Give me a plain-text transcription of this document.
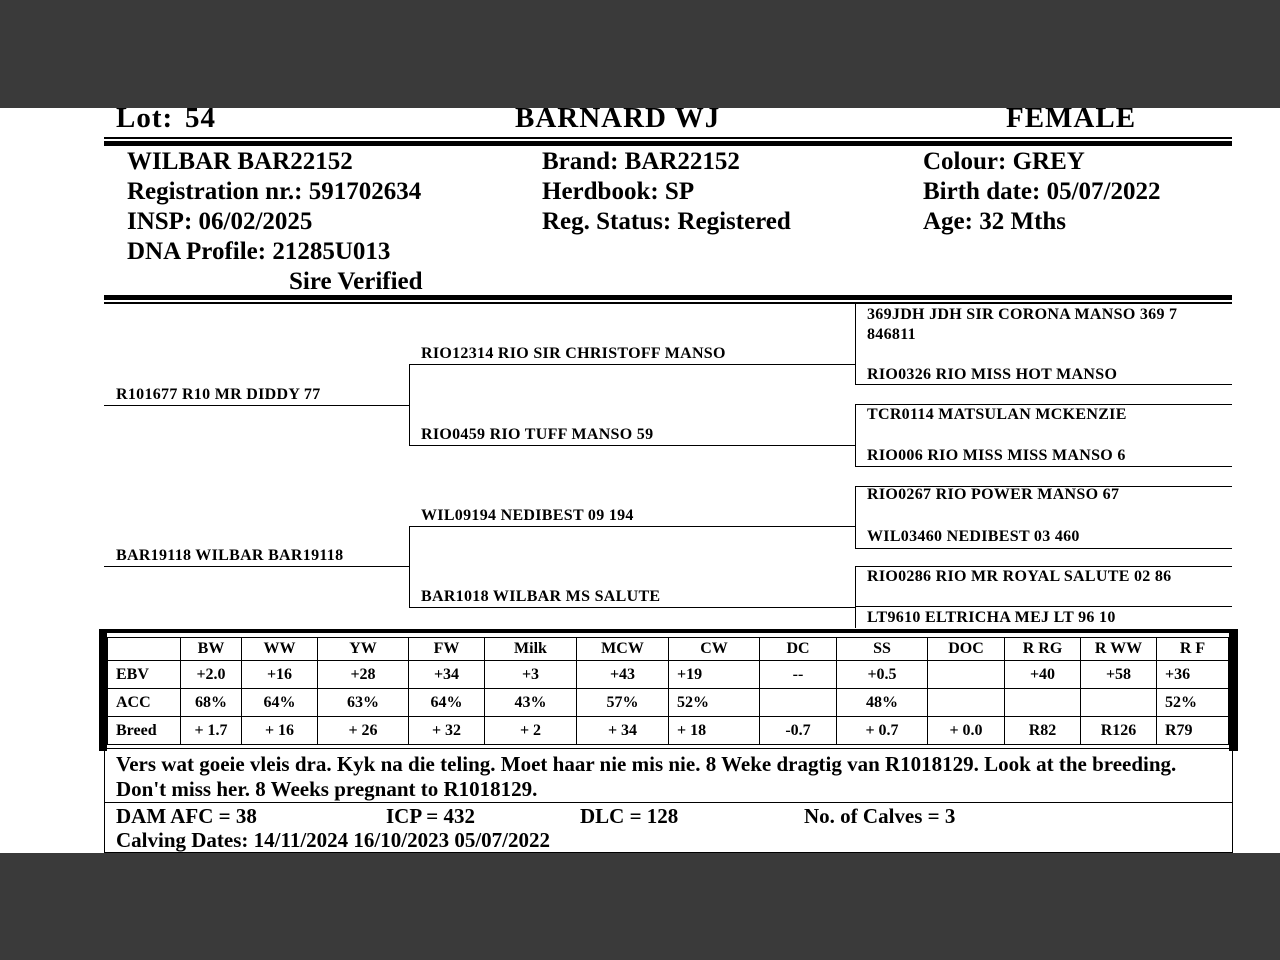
Lot: 54	BARNARD WJ	FEMALE
WILBAR BAR22152
Registration nr.: 591702634
INSP: 06/02/2025
DNA Profile: 21285U013
Sire Verified
Brand: BAR22152
Herdbook: SP
Reg. Status: Registered
Colour: GREY
Birth date: 05/07/2022
Age: 32 Mths
R101677 R10 MR DIDDY 77
BAR19118 WILBAR BAR19118
RIO12314 RIO SIR CHRISTOFF MANSO
RIO0459 RIO TUFF MANSO 59
WIL09194 NEDIBEST 09 194
BAR1018 WILBAR MS SALUTE
369JDH JDH SIR CORONA MANSO 369 7
846811
RIO0326 RIO MISS HOT MANSO
TCR0114 MATSULAN MCKENZIE
RIO006 RIO MISS MISS MANSO 6
RIO0267 RIO POWER MANSO 67
WIL03460 NEDIBEST 03 460
RIO0286 RIO MR ROYAL SALUTE 02 86
LT9610 ELTRICHA MEJ LT 96 10
	BW	WW	YW	FW	Milk	MCW	CW	DC	SS	DOC	R RG	R WW	R F
EBV	+2.0	+16	+28	+34	+3	+43	+19	--	+0.5		+40	+58	+36
ACC	68%	64%	63%	64%	43%	57%	52%		48%				52%
Breed	+ 1.7	+ 16	+ 26	+ 32	+ 2	+ 34	+ 18	-0.7	+ 0.7	+ 0.0	R82	R126	R79
Vers wat goeie vleis dra. Kyk na die teling. Moet haar nie mis nie. 8 Weke dragtig van R1018129. Look at the breeding.
Don't miss her. 8 Weeks pregnant to R1018129.
DAM AFC = 38	ICP = 432	DLC = 128	No. of Calves = 3
Calving Dates: 14/11/2024 16/10/2023 05/07/2022
